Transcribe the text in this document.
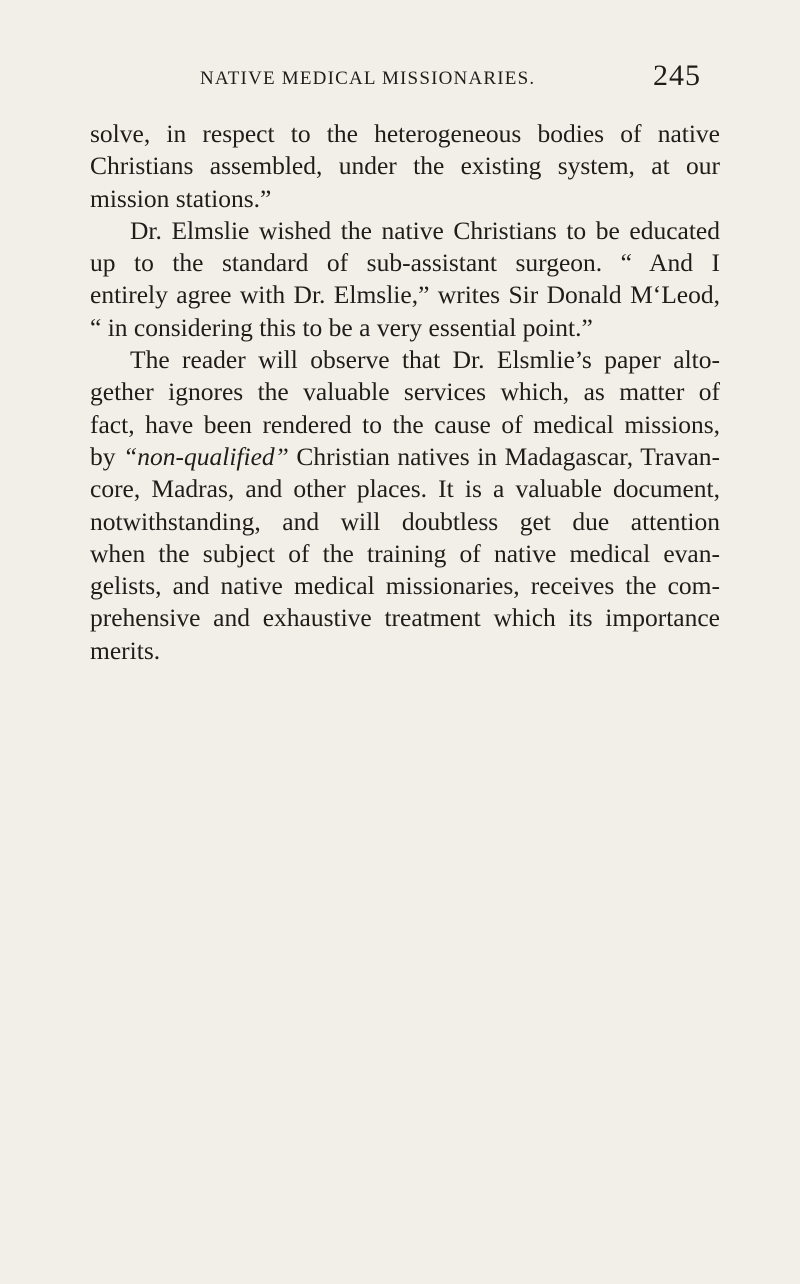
NATIVE MEDICAL MISSIONARIES.	245
solve, in respect to the heterogeneous bodies of native
Christians assembled, under the existing system, at our
mission stations.”
Dr. Elmslie wished the native Christians to be educated
up to the standard of sub-assistant surgeon. “ And I
entirely agree with Dr. Elmslie,” writes Sir Donald M‘Leod,
“ in considering this to be a very essential point.”
The reader will observe that Dr. Elsmlie’s paper alto-
gether ignores the valuable services which, as matter of
fact, have been rendered to the cause of medical missions,
by “non-qualified” Christian natives in Madagascar, Travan-
core, Madras, and other places. It is a valuable document,
notwithstanding, and will doubtless get due attention
when the subject of the training of native medical evan-
gelists, and native medical missionaries, receives the com-
prehensive and exhaustive treatment which its importance
merits.
